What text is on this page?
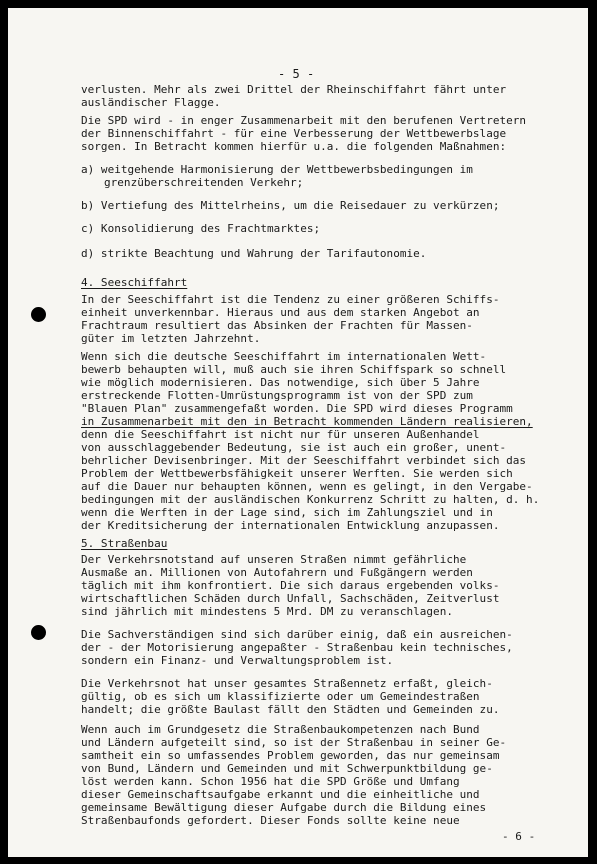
- 5 -
verlusten. Mehr als zwei Drittel der Rheinschiffahrt fährt unter
ausländischer Flagge.
Die SPD wird - in enger Zusammenarbeit mit den berufenen Vertretern
der Binnenschiffahrt - für eine Verbesserung der Wettbewerbslage
sorgen. In Betracht kommen hierfür u.a. die folgenden Maßnahmen:
a) weitgehende Harmonisierung der Wettbewerbsbedingungen im
grenzüberschreitenden Verkehr;
b) Vertiefung des Mittelrheins, um die Reisedauer zu verkürzen;
c) Konsolidierung des Frachtmarktes;
d) strikte Beachtung und Wahrung der Tarifautonomie.
4. Seeschiffahrt
In der Seeschiffahrt ist die Tendenz zu einer größeren Schiffs-
einheit unverkennbar. Hieraus und aus dem starken Angebot an
Frachtraum resultiert das Absinken der Frachten für Massen-
güter im letzten Jahrzehnt.
Wenn sich die deutsche Seeschiffahrt im internationalen Wett-
bewerb behaupten will, muß auch sie ihren Schiffspark so schnell
wie möglich modernisieren. Das notwendige, sich über 5 Jahre
erstreckende Flotten-Umrüstungsprogramm ist von der SPD zum
"Blauen Plan" zusammengefaßt worden. Die SPD wird dieses Programm
in Zusammenarbeit mit den in Betracht kommenden Ländern realisieren,
denn die Seeschiffahrt ist nicht nur für unseren Außenhandel
von ausschlaggebender Bedeutung, sie ist auch ein großer, unent-
behrlicher Devisenbringer. Mit der Seeschiffahrt verbindet sich das
Problem der Wettbewerbsfähigkeit unserer Werften. Sie werden sich
auf die Dauer nur behaupten können, wenn es gelingt, in den Vergabe-
bedingungen mit der ausländischen Konkurrenz Schritt zu halten, d. h.
wenn die Werften in der Lage sind, sich im Zahlungsziel und in
der Kreditsicherung der internationalen Entwicklung anzupassen.
5. Straßenbau
Der Verkehrsnotstand auf unseren Straßen nimmt gefährliche
Ausmaße an. Millionen von Autofahrern und Fußgängern werden
täglich mit ihm konfrontiert. Die sich daraus ergebenden volks-
wirtschaftlichen Schäden durch Unfall, Sachschäden, Zeitverlust
sind jährlich mit mindestens 5 Mrd. DM zu veranschlagen.
Die Sachverständigen sind sich darüber einig, daß ein ausreichen-
der - der Motorisierung angepaßter - Straßenbau kein technisches,
sondern ein Finanz- und Verwaltungsproblem ist.
Die Verkehrsnot hat unser gesamtes Straßennetz erfaßt, gleich-
gültig, ob es sich um klassifizierte oder um Gemeindestraßen
handelt; die größte Baulast fällt den Städten und Gemeinden zu.
Wenn auch im Grundgesetz die Straßenbaukompetenzen nach Bund
und Ländern aufgeteilt sind, so ist der Straßenbau in seiner Ge-
samtheit ein so umfassendes Problem geworden, das nur gemeinsam
von Bund, Ländern und Gemeinden und mit Schwerpunktbildung ge-
löst werden kann. Schon 1956 hat die SPD Größe und Umfang
dieser Gemeinschaftsaufgabe erkannt und die einheitliche und
gemeinsame Bewältigung dieser Aufgabe durch die Bildung eines
Straßenbaufonds gefordert. Dieser Fonds sollte keine neue
- 6 -
